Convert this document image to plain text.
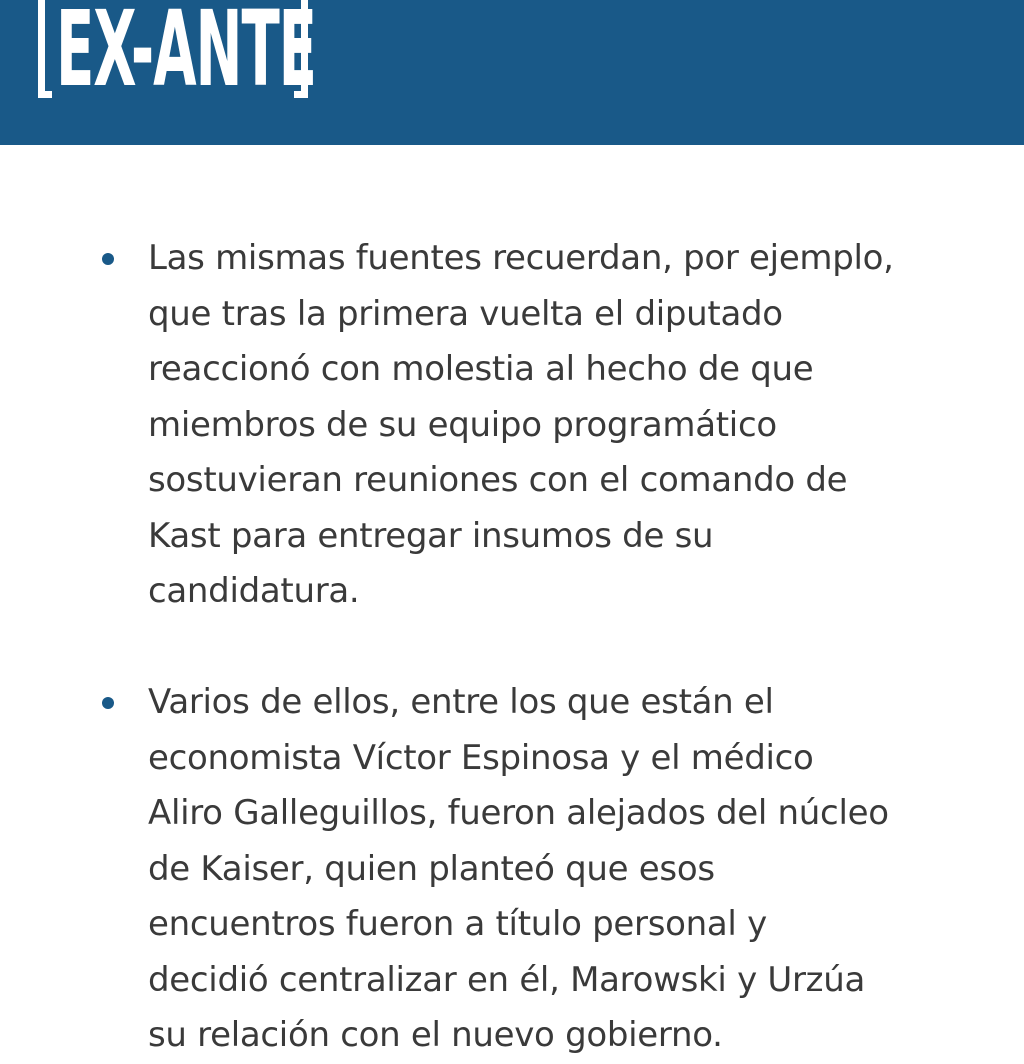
EX-ANTE
Las mismas fuentes recuerdan, por ejemplo,
que tras la primera vuelta el diputado
reaccionó con molestia al hecho de que
miembros de su equipo programático
sostuvieran reuniones con el comando de
Kast para entregar insumos de su
candidatura.
Varios de ellos, entre los que están el
economista Víctor Espinosa y el médico
Aliro Galleguillos, fueron alejados del núcleo
de Kaiser, quien planteó que esos
encuentros fueron a título personal y
decidió centralizar en él, Marowski y Urzúa
su relación con el nuevo gobierno.
